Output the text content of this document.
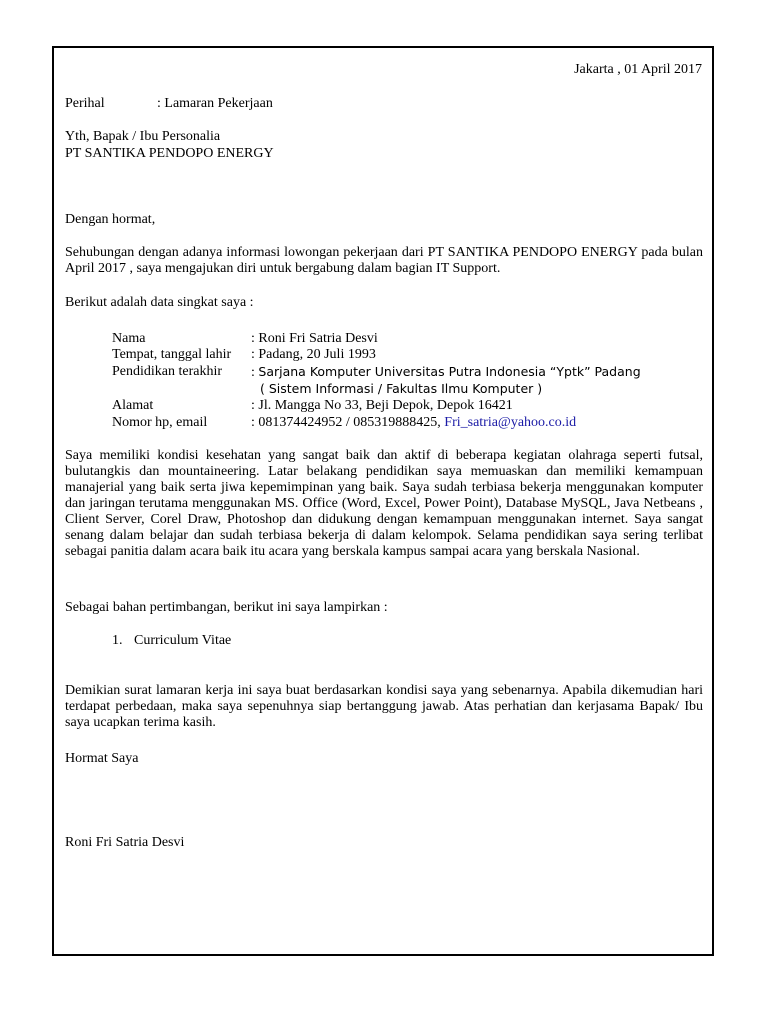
Jakarta , 01 April 2017
Perihal	: Lamaran Pekerjaan
Yth, Bapak / Ibu Personalia
PT SANTIKA PENDOPO ENERGY
Dengan hormat,
Sehubungan dengan adanya informasi lowongan pekerjaan dari PT SANTIKA PENDOPO ENERGY pada bulan April 2017 , saya mengajukan diri untuk bergabung dalam bagian IT Support.
Berikut adalah data singkat saya :
Nama	: Roni Fri Satria Desvi
Tempat, tanggal lahir : Padang, 20 Juli 1993
Pendidikan terakhir : Sarjana Komputer Universitas Putra Indonesia “Yptk” Padang
( Sistem Informasi / Fakultas Ilmu Komputer )
Alamat	: Jl. Mangga No 33, Beji Depok, Depok 16421
Nomor hp, email	: 081374424952 / 085319888425, Fri_satria@yahoo.co.id
Saya memiliki kondisi kesehatan yang sangat baik dan aktif di beberapa kegiatan olahraga seperti futsal, bulutangkis dan mountaineering. Latar belakang pendidikan saya memuaskan dan memiliki kemampuan manajerial yang baik serta jiwa kepemimpinan yang baik. Saya sudah terbiasa bekerja menggunakan komputer dan jaringan terutama menggunakan MS. Office (Word, Excel, Power Point), Database MySQL, Java Netbeans , Client Server, Corel Draw, Photoshop dan didukung dengan kemampuan menggunakan internet. Saya sangat senang dalam belajar dan sudah terbiasa bekerja di dalam kelompok. Selama pendidikan saya sering terlibat sebagai panitia dalam acara baik itu acara yang berskala kampus sampai acara yang berskala Nasional.
Sebagai bahan pertimbangan, berikut ini saya lampirkan :
1. Curriculum Vitae
Demikian surat lamaran kerja ini saya buat berdasarkan kondisi saya yang sebenarnya. Apabila dikemudian hari terdapat perbedaan, maka saya sepenuhnya siap bertanggung jawab. Atas perhatian dan kerjasama Bapak/ Ibu saya ucapkan terima kasih.
Hormat Saya
Roni Fri Satria Desvi
